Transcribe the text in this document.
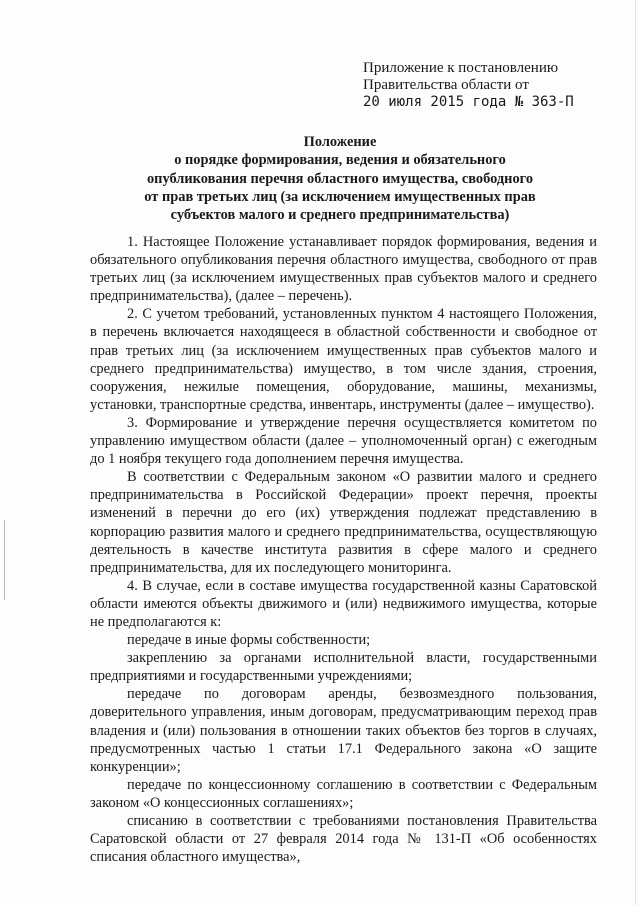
Приложение к постановлению
Правительства области от
20 июля 2015 года № 363-П
Положение
о порядке формирования, ведения и обязательного
опубликования перечня областного имущества, свободного
от прав третьих лиц (за исключением имущественных прав
субъектов малого и среднего предпринимательства)

1. Настоящее Положение устанавливает порядок формирования, ведения и обязательного опубликования перечня областного имущества, свободного от прав третьих лиц (за исключением имущественных прав субъектов малого и среднего предпринимательства), (далее – перечень).

2. С учетом требований, установленных пунктом 4 настоящего Положения, в перечень включается находящееся в областной собственности и свободное от прав третьих лиц (за исключением имущественных прав субъектов малого и среднего предпринимательства) имущество, в том числе здания, строения, сооружения, нежилые помещения, оборудование, машины, механизмы, установки, транспортные средства, инвентарь, инструменты (далее – имущество).

3. Формирование и утверждение перечня осуществляется комитетом по управлению имуществом области (далее – уполномоченный орган) с ежегодным до 1 ноября текущего года дополнением перечня имущества.

В соответствии с Федеральным законом «О развитии малого и среднего предпринимательства в Российской Федерации» проект перечня, проекты изменений в перечни до его (их) утверждения подлежат представлению в корпорацию развития малого и среднего предпринимательства, осуществляющую деятельность в качестве института развития в сфере малого и среднего предпринимательства, для их последующего мониторинга.

4. В случае, если в составе имущества государственной казны Саратовской области имеются объекты движимого и (или) недвижимого имущества, которые не предполагаются к:

передаче в иные формы собственности;

закреплению за органами исполнительной власти, государственными предприятиями и государственными учреждениями;

передаче по договорам аренды, безвозмездного пользования, доверительного управления, иным договорам, предусматривающим переход прав владения и (или) пользования в отношении таких объектов без торгов в случаях, предусмотренных частью 1 статьи 17.1 Федерального закона «О защите конкуренции»;

передаче по концессионному соглашению в соответствии с Федеральным законом «О концессионных соглашениях»;

списанию в соответствии с требованиями постановления Правительства Саратовской области от 27 февраля 2014 года № 131-П «Об особенностях списания областного имущества»,
